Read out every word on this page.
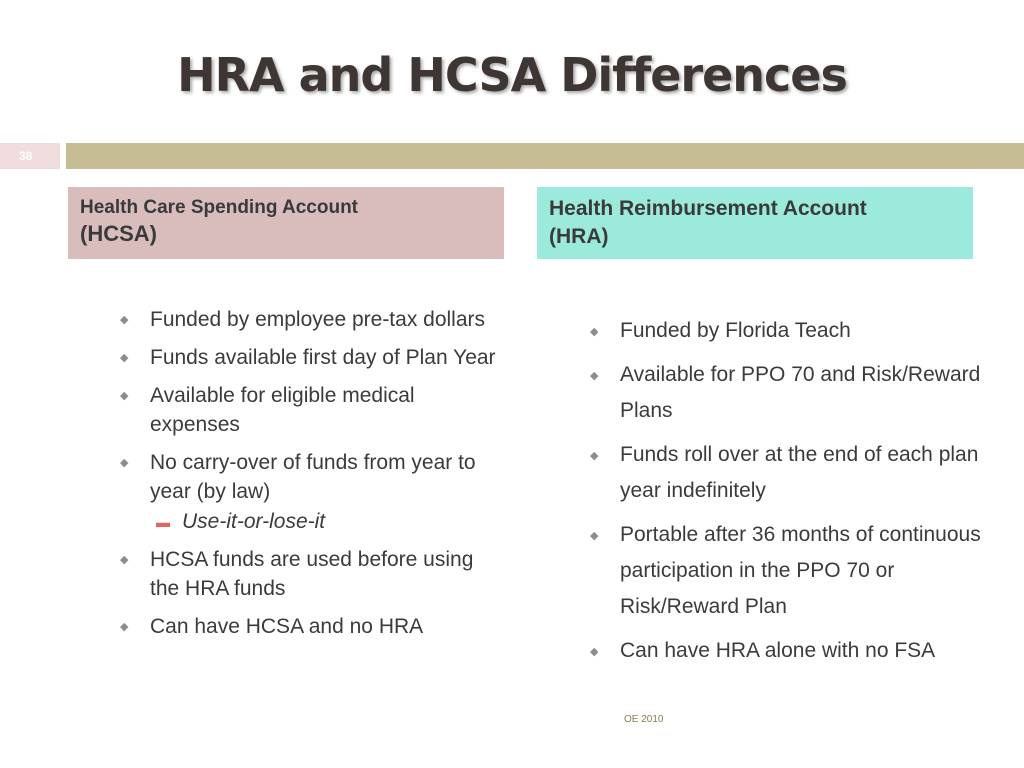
HRA and HCSA Differences
38
Health Care Spending Account
(HCSA)
Health Reimbursement Account
(HRA)
◆ Funded by employee pre-tax dollars
◆ Funds available first day of Plan Year
◆ Available for eligible medical expenses
◆ No carry-over of funds from year to year (by law)
▬ Use-it-or-lose-it
◆ HCSA funds are used before using the HRA funds
◆ Can have HCSA and no HRA
◆ Funded by Florida Teach
◆ Available for PPO 70 and Risk/Reward Plans
◆ Funds roll over at the end of each plan year indefinitely
◆ Portable after 36 months of continuous participation in the PPO 70 or Risk/Reward Plan
◆ Can have HRA alone with no FSA
OE 2010
